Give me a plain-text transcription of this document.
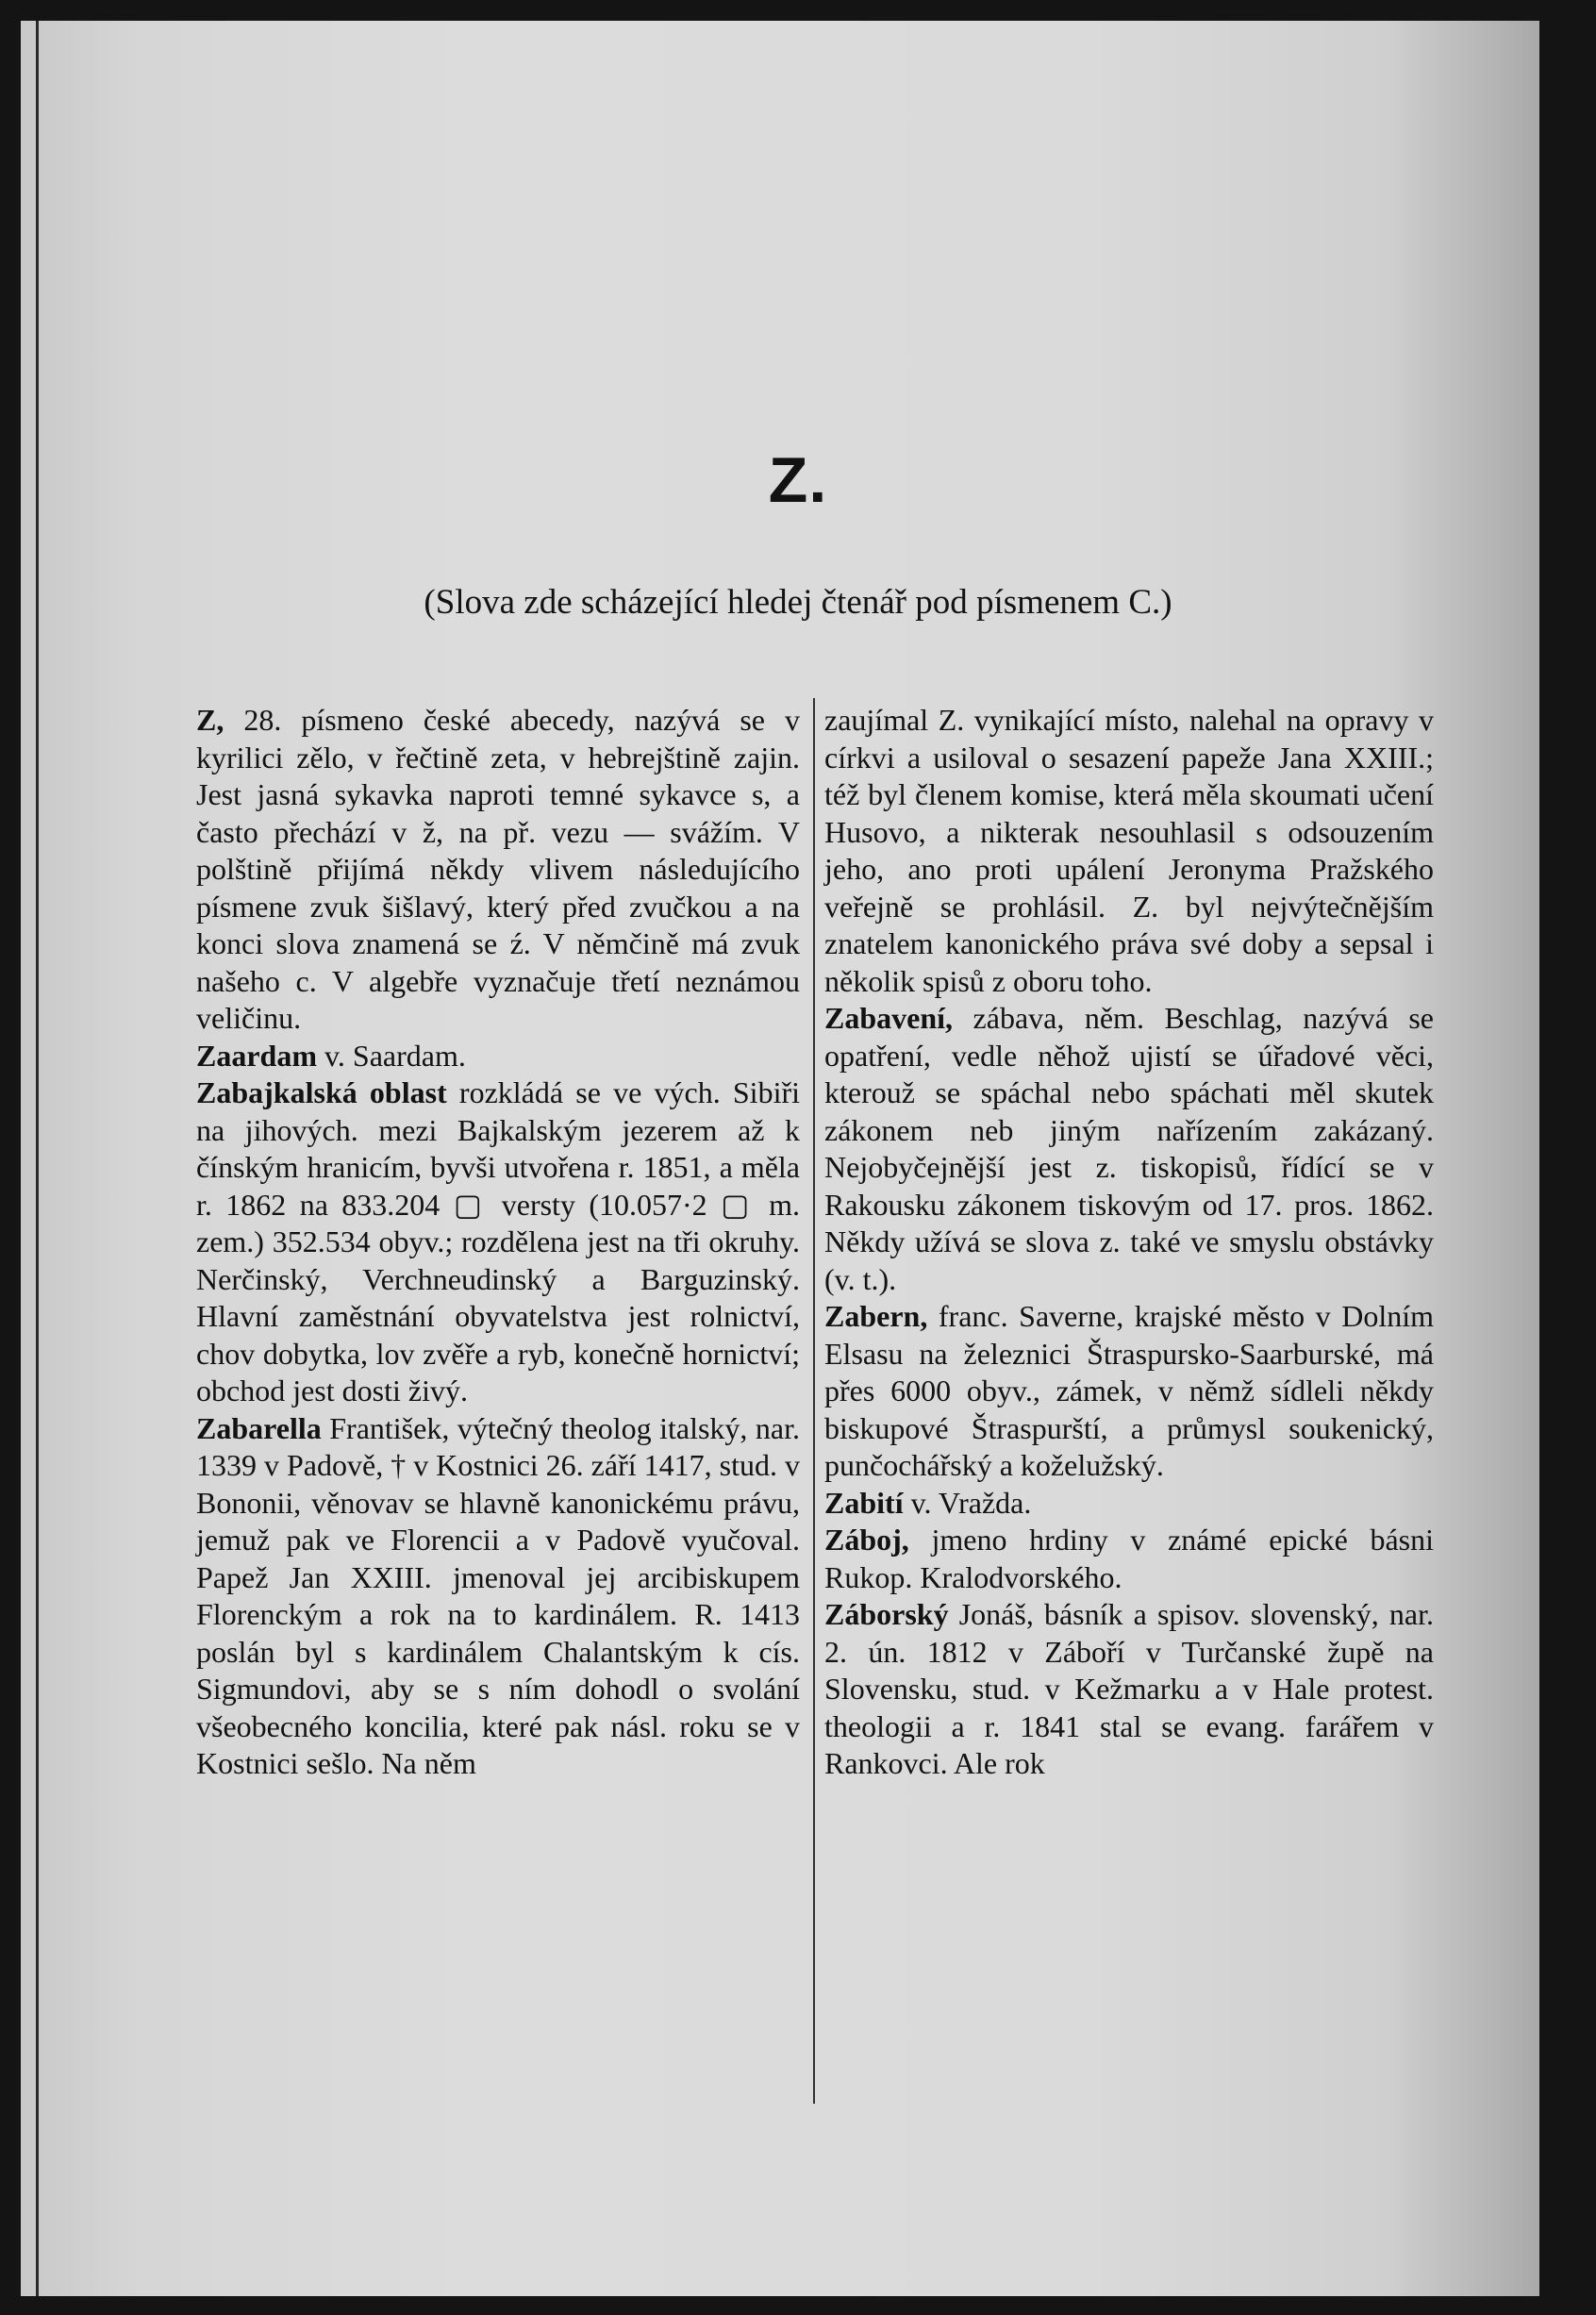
Z.
(Slova zde scházející hledej čtenář pod písmenem C.)

Z, 28. písmeno české abecedy, nazývá se v kyrilici zělo, v řečtině zeta, v hebrejštině zajin. Jest jasná sykavka naproti temné sykavce s, a často přechází v ž, na př. vezu — svážím. V polštině přijímá někdy vlivem následujícího písmene zvuk šišlavý, který před zvučkou a na konci slova znamená se ź. V němčině má zvuk našeho c. V algebře vyznačuje třetí neznámou veličinu.

Zaardam v. Saardam.

Zabajkalská oblast rozkládá se ve vých. Sibiři na jihových. mezi Bajkalským jezerem až k čínským hranicím, byvši utvořena r. 1851, a měla r. 1862 na 833.204 ▢ versty (10.057·2 ▢ m. zem.) 352.534 obyv.; rozdělena jest na tři okruhy. Nerčinský, Verchneudinský a Barguzinský. Hlavní zaměstnání obyvatelstva jest rolnictví, chov dobytka, lov zvěře a ryb, konečně hornictví; obchod jest dosti živý.

Zabarella František, výtečný theolog italský, nar. 1339 v Padově, † v Kostnici 26. září 1417, stud. v Bononii, věnovav se hlavně kanonickému právu, jemuž pak ve Florencii a v Padově vyučoval. Papež Jan XXIII. jmenoval jej arcibiskupem Florenckým a rok na to kardinálem. R. 1413 poslán byl s kardinálem Chalantským k cís. Sigmundovi, aby se s ním dohodl o svolání všeobecného koncilia, které pak násl. roku se v Kostnici sešlo. Na něm

zaujímal Z. vynikající místo, nalehal na opravy v církvi a usiloval o sesazení papeže Jana XXIII.; též byl členem komise, která měla skoumati učení Husovo, a nikterak nesouhlasil s odsouzením jeho, ano proti upálení Jeronyma Pražského veřejně se prohlásil. Z. byl nejvýtečnějším znatelem kanonického práva své doby a sepsal i několik spisů z oboru toho.

Zabavení, zábava, něm. Beschlag, nazývá se opatření, vedle něhož ujistí se úřadové věci, kterouž se spáchal nebo spáchati měl skutek zákonem neb jiným nařízením zakázaný. Nejobyčejnější jest z. tiskopisů, řídící se v Rakousku zákonem tiskovým od 17. pros. 1862. Někdy užívá se slova z. také ve smyslu obstávky (v. t.).

Zabern, franc. Saverne, krajské město v Dolním Elsasu na železnici Štraspursko-Saarburské, má přes 6000 obyv., zámek, v němž sídleli někdy biskupové Štraspurští, a průmysl soukenický, punčochářský a koželužský.

Zabití v. Vražda.

Záboj, jmeno hrdiny v známé epické básni Rukop. Kralodvorského.

Záborský Jonáš, básník a spisov. slovenský, nar. 2. ún. 1812 v Záboří v Turčanské župě na Slovensku, stud. v Kežmarku a v Hale protest. theologii a r. 1841 stal se evang. farářem v Rankovci. Ale rok
